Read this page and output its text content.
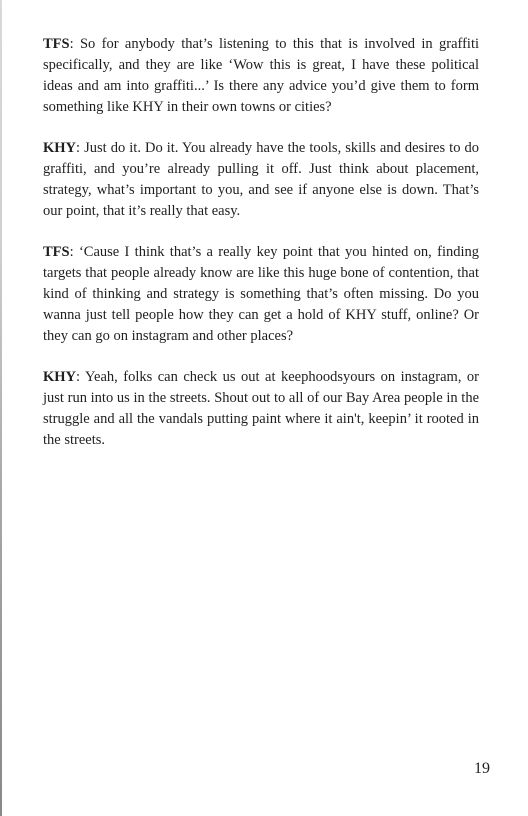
TFS: So for anybody that’s listening to this that is involved in graffiti specifically, and they are like ‘Wow this is great, I have these political ideas and am into graffiti...’ Is there any advice you’d give them to form something like KHY in their own towns or cities?

KHY: Just do it. Do it. You already have the tools, skills and desires to do graffiti, and you’re already pulling it off. Just think about placement, strategy, what’s important to you, and see if anyone else is down. That’s our point, that it’s really that easy.

TFS: ‘Cause I think that’s a really key point that you hinted on, finding targets that people already know are like this huge bone of contention, that kind of thinking and strategy is something that’s often missing. Do you wanna just tell people how they can get a hold of KHY stuff, online? Or they can go on instagram and other places?

KHY: Yeah, folks can check us out at keephoodsyours on instagram, or just run into us in the streets. Shout out to all of our Bay Area people in the struggle and all the vandals putting paint where it ain't, keepin’ it rooted in the streets.

19
